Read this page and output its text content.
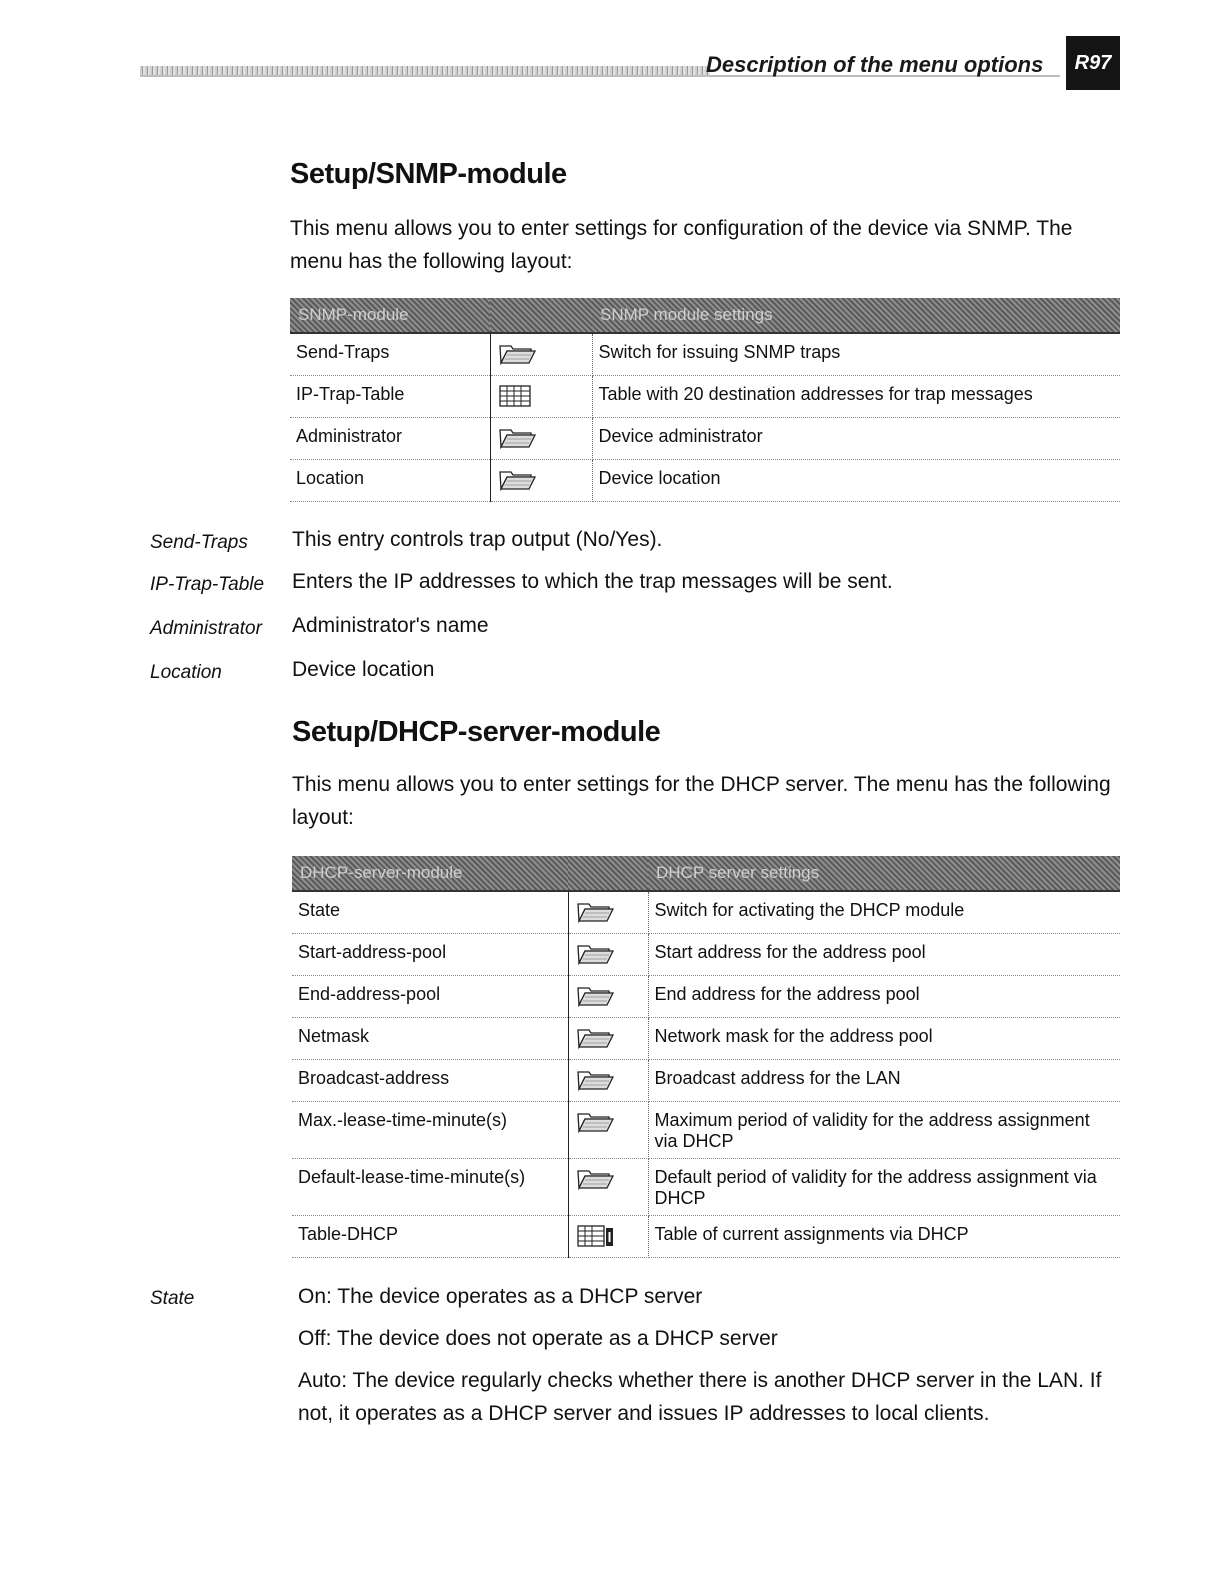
Description of the menu options	R97
Setup/SNMP-module

This menu allows you to enter settings for configuration of the device via SNMP. The menu has the following layout:

SNMP-module		SNMP module settings
Send-Traps		Switch for issuing SNMP traps
IP-Trap-Table		Table with 20 destination addresses for trap messages
Administrator		Device administrator
Location		Device location
Send-Traps This entry controls trap output (No/Yes).
IP-Trap-Table Enters the IP addresses to which the trap messages will be sent.
Administrator Administrator's name
Location	Device location
Setup/DHCP-server-module

This menu allows you to enter settings for the DHCP server. The menu has the following layout:

DHCP-server-module		DHCP server settings
State		Switch for activating the DHCP module
Start-address-pool		Start address for the address pool
End-address-pool		End address for the address pool
Netmask		Network mask for the address pool
Broadcast-address		Broadcast address for the LAN
Max.-lease-time-minute(s)		Maximum period of validity for the address assignment via DHCP
Default-lease-time-minute(s)		Default period of validity for the address assignment via DHCP
Table-DHCP		Table of current assignments via DHCP
State	On: The device operates as a DHCP server
Off: The device does not operate as a DHCP server
Auto: The device regularly checks whether there is another DHCP server in the LAN. If not, it operates as a DHCP server and issues IP addresses to local clients.
